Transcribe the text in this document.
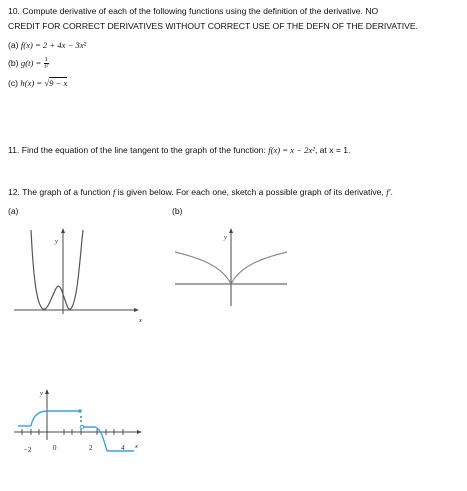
10. Compute derivative of each of the following functions using the definition of the derivative. NO
CREDIT FOR CORRECT DERIVATIVES WITHOUT CORRECT USE OF THE DEFN OF THE DERIVATIVE.
(a) f(x) = 2 + 4x − 3x²
(b) $g(t) = \frac{1}{\text{t²}}$
(c) h(x) = √9 − x
11. Find the equation of the line tangent to the graph of the function: f(x) = x − 2x², at x = 1.
12. The graph of a function f is given below. For each one, sketch a possible graph of its derivative, f′.
(a)	(b)
y
x
y
y
x
−2	0	2	4
